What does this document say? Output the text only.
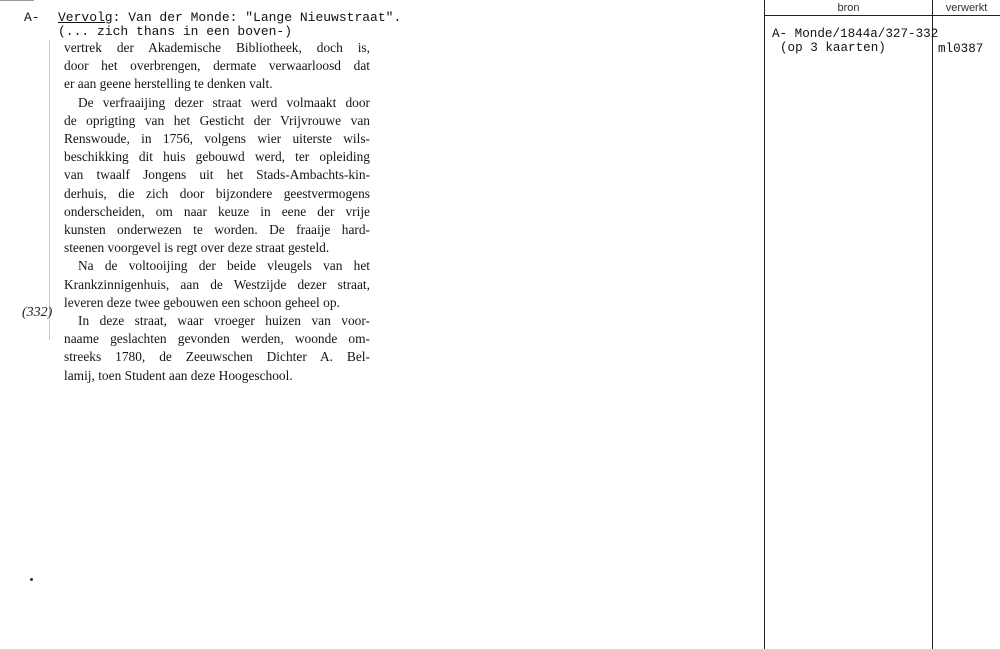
A- Vervolg: Van der Monde: "Lange Nieuwstraat".
(... zich thans in een boven-)

vertrek der Akademische Bibliotheek, doch is,
door het overbrengen, dermate verwaarloosd dat
er aan geene herstelling te denken valt.

De verfraaijing dezer straat werd volmaakt door
de oprigting van het Gesticht der Vrijvrouwe van
Renswoude, in 1756, volgens wier uiterste wils-
beschikking dit huis gebouwd werd, ter opleiding
van twaalf Jongens uit het Stads-Ambachts-kin-
derhuis, die zich door bijzondere geestvermogens
onderscheiden, om naar keuze in eene der vrije
kunsten onderwezen te worden. De fraaije hard-
steenen voorgevel is regt over deze straat gesteld.

Na de voltooijing der beide vleugels van het
Krankzinnigenhuis, aan de Westzijde dezer straat,
leveren deze twee gebouwen een schoon geheel op.

In deze straat, waar vroeger huizen van voor-
naame geslachten gevonden werden, woonde om-
streeks 1780, de Zeeuwschen Dichter A. Bel-
lamij, toen Student aan deze Hoogeschool.

(332)
bron	verwerkt
A- Monde/1844a/327-332
(op 3 kaarten)	ml0387
